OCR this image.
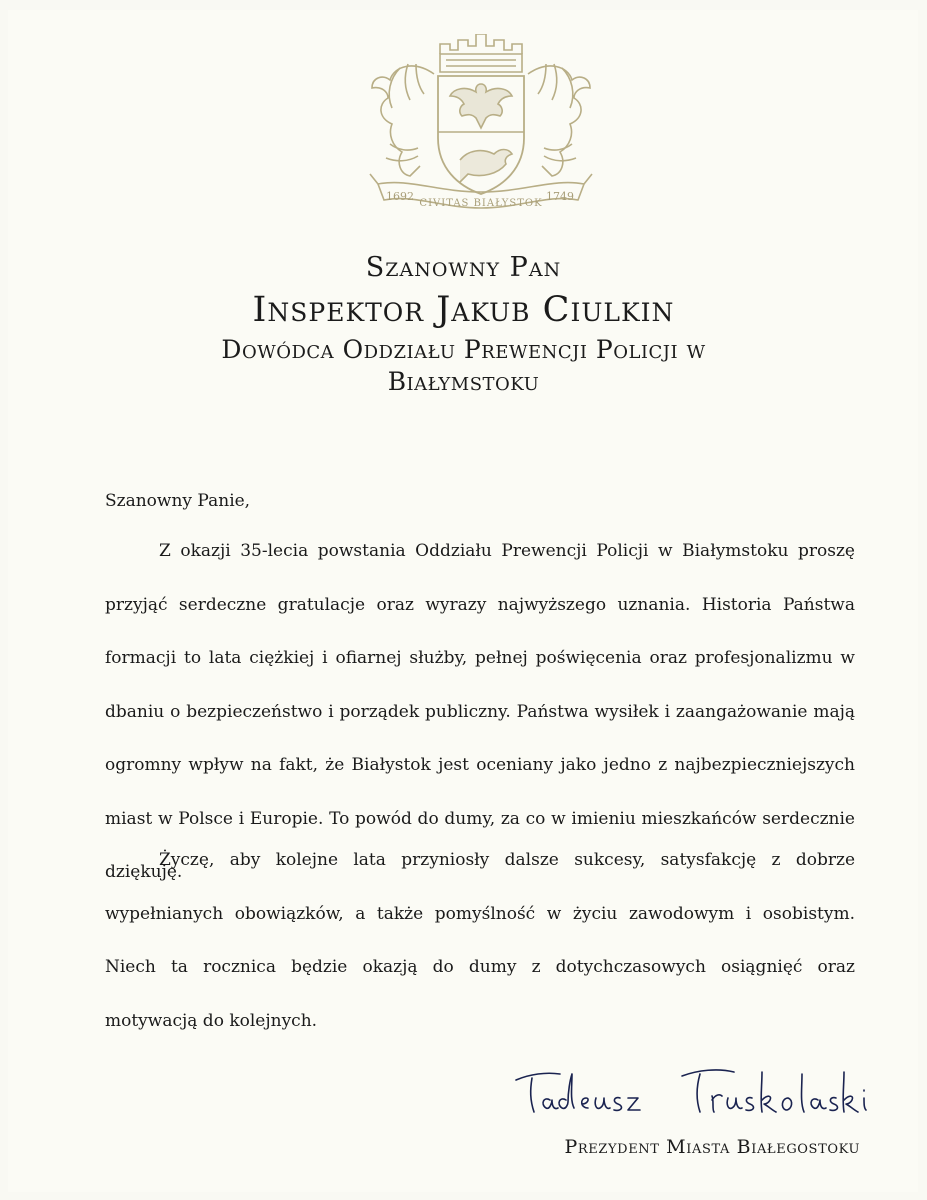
1692
CIVITAS BIAŁYSTOK
1749
Szanowny Pan
Inspektor Jakub Ciulkin
Dowódca Oddziału Prewencji Policji w Białymstoku
Szanowny Panie,
Z okazji 35-lecia powstania Oddziału Prewencji Policji w Białymstoku proszę przyjąć serdeczne gratulacje oraz wyrazy najwyższego uznania. Historia Państwa formacji to lata ciężkiej i ofiarnej służby, pełnej poświęcenia oraz profesjonalizmu w dbaniu o bezpieczeństwo i porządek publiczny. Państwa wysiłek i zaangażowanie mają ogromny wpływ na fakt, że Białystok jest oceniany jako jedno z najbezpieczniejszych miast w Polsce i Europie. To powód do dumy, za co w imieniu mieszkańców serdecznie dziękuję.
Życzę, aby kolejne lata przyniosły dalsze sukcesy, satysfakcję z dobrze wypełnianych obowiązków, a także pomyślność w życiu zawodowym i osobistym. Niech ta rocznica będzie okazją do dumy z dotychczasowych osiągnięć oraz motywacją do kolejnych.
Prezydent Miasta Białegostoku
